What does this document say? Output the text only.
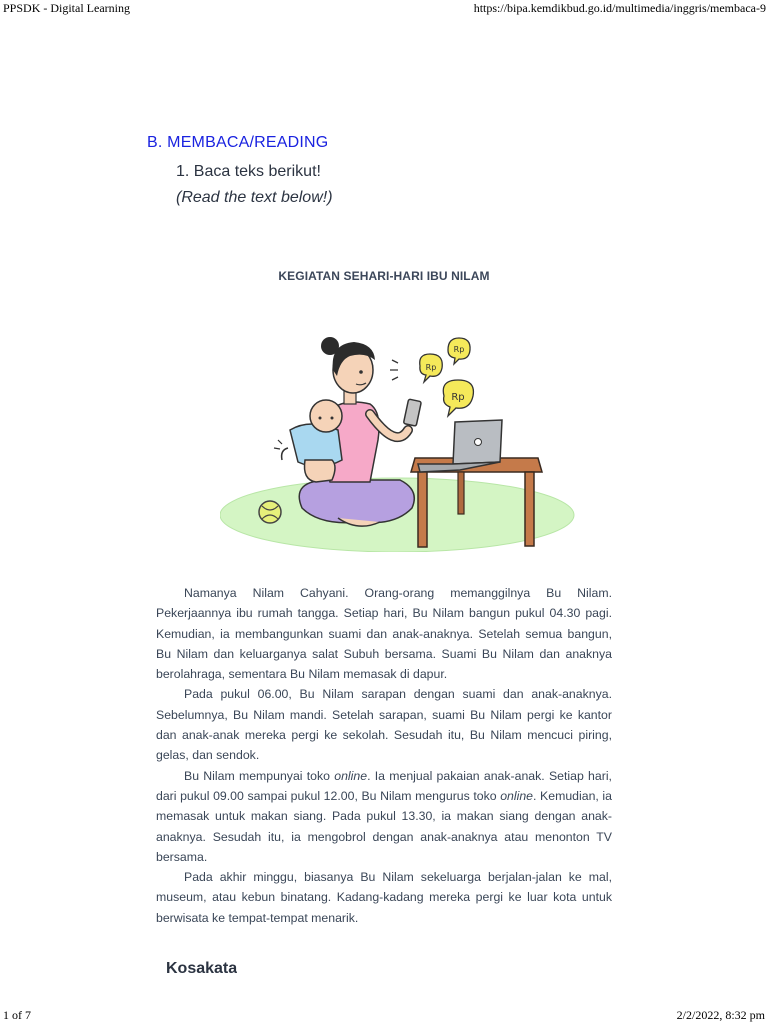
PPSDK - Digital Learning	https://bipa.kemdikbud.go.id/multimedia/inggris/membaca-9
B. MEMBACA/READING
1. Baca teks berikut!
(Read the text below!)
KEGIATAN SEHARI-HARI IBU NILAM
Rp
Rp
Rp

Namanya Nilam Cahyani. Orang-orang memanggilnya Bu Nilam. Pekerjaannya ibu rumah tangga. Setiap hari, Bu Nilam bangun pukul 04.30 pagi. Kemudian, ia membangunkan suami dan anak-anaknya. Setelah semua bangun, Bu Nilam dan keluarganya salat Subuh bersama. Suami Bu Nilam dan anaknya berolahraga, sementara Bu Nilam memasak di dapur.

Pada pukul 06.00, Bu Nilam sarapan dengan suami dan anak-anaknya. Sebelumnya, Bu Nilam mandi. Setelah sarapan, suami Bu Nilam pergi ke kantor dan anak-anak mereka pergi ke sekolah. Sesudah itu, Bu Nilam mencuci piring, gelas, dan sendok.

Bu Nilam mempunyai toko online. Ia menjual pakaian anak-anak. Setiap hari, dari pukul 09.00 sampai pukul 12.00, Bu Nilam mengurus toko online. Kemudian, ia memasak untuk makan siang. Pada pukul 13.30, ia makan siang dengan anak-anaknya. Sesudah itu, ia mengobrol dengan anak-anaknya atau menonton TV bersama.

Pada akhir minggu, biasanya Bu Nilam sekeluarga berjalan-jalan ke mal, museum, atau kebun binatang. Kadang-kadang mereka pergi ke luar kota untuk berwisata ke tempat-tempat menarik.

Kosakata
1 of 7	2/2/2022, 8:32 pm
